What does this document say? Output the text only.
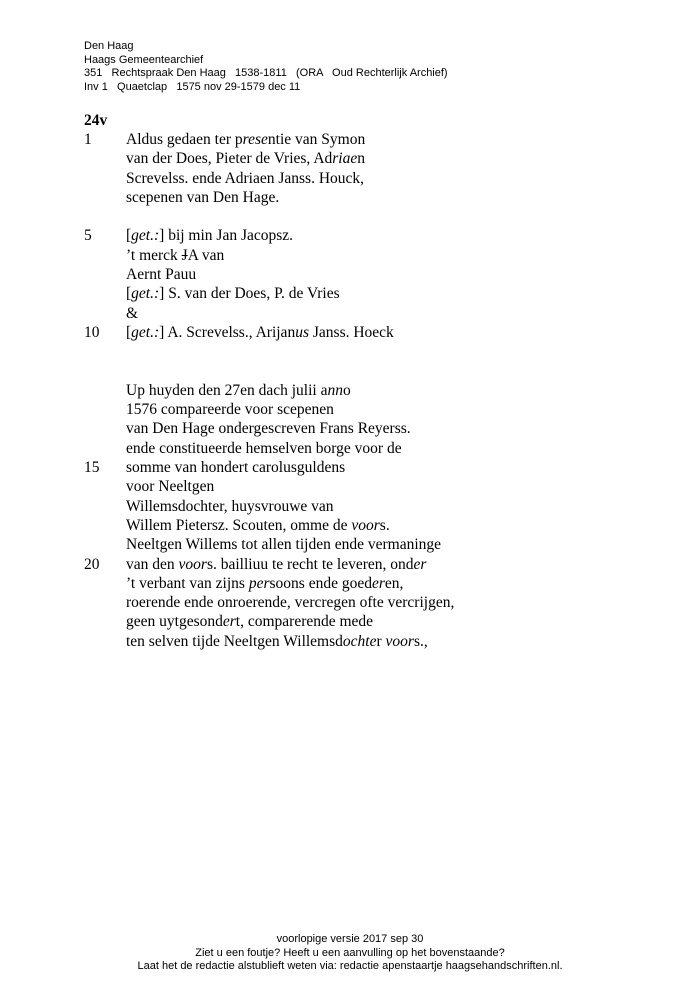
Den Haag
Haags Gemeentearchief
351   Rechtspraak Den Haag   1538-1811   (ORA   Oud Rechterlijk Archief)
Inv 1   Quaetclap   1575 nov 29-1579 dec 11
24v
1	Aldus gedaen ter presentie van Symon
van der Does, Pieter de Vries, Adriaen
Screvelss. ende Adriaen Janss. Houck,
scepenen van Den Hage.
5	[get.:] bij min Jan Jacopsz.
’t merck JA van
Aernt Pauu
[get.:] S. van der Does, P. de Vries
&
10	[get.:] A. Screvelss., Arijanus Janss. Hoeck
Up huyden den 27en dach julii anno
1576 compareerde voor scepenen
van Den Hage ondergescreven Frans Reyerss.
ende constitueerde hemselven borge voor de
15	somme van hondert carolusguldens
voor Neeltgen
Willemsdochter, huysvrouwe van
Willem Pietersz. Scouten, omme de voors.
Neeltgen Willems tot allen tijden ende vermaninge
20	van den voors. bailliuu te recht te leveren, onder
’t verbant van zijns persoons ende goederen,
roerende ende onroerende, vercregen ofte vercrijgen,
geen uytgesondert, comparerende mede
ten selven tijde Neeltgen Willemsdochter voors.,
voorlopige versie 2017 sep 30
Ziet u een foutje? Heeft u een aanvulling op het bovenstaande?
Laat het de redactie alstublieft weten via: redactie apenstaartje haagsehandschriften.nl.
